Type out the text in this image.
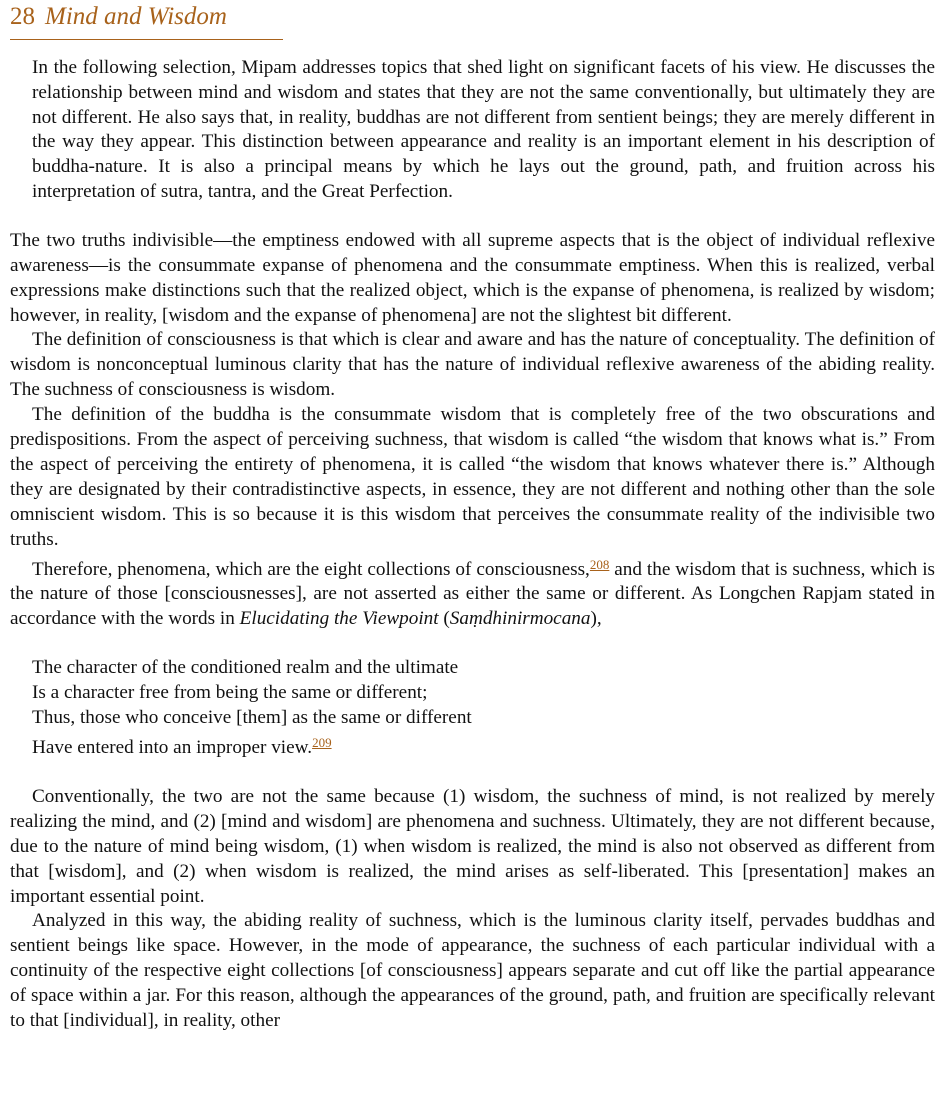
28 Mind and Wisdom
In the following selection, Mipam addresses topics that shed light on significant facets of his view. He discusses the relationship between mind and wisdom and states that they are not the same conventionally, but ultimately they are not different. He also says that, in reality, buddhas are not different from sentient beings; they are merely different in the way they appear. This distinction between appearance and reality is an important element in his description of buddha-nature. It is also a principal means by which he lays out the ground, path, and fruition across his interpretation of sutra, tantra, and the Great Perfection.

The two truths indivisible—the emptiness endowed with all supreme aspects that is the object of individual reflexive awareness—is the consummate expanse of phenomena and the consummate emptiness. When this is realized, verbal expressions make distinctions such that the realized object, which is the expanse of phenomena, is realized by wisdom; however, in reality, [wisdom and the expanse of phenomena] are not the slightest bit different.

The definition of consciousness is that which is clear and aware and has the nature of conceptuality. The definition of wisdom is nonconceptual luminous clarity that has the nature of individual reflexive awareness of the abiding reality. The suchness of consciousness is wisdom.

The definition of the buddha is the consummate wisdom that is completely free of the two obscurations and predispositions. From the aspect of perceiving suchness, that wisdom is called “the wisdom that knows what is.” From the aspect of perceiving the entirety of phenomena, it is called “the wisdom that knows whatever there is.” Although they are designated by their contradistinctive aspects, in essence, they are not different and nothing other than the sole omniscient wisdom. This is so because it is this wisdom that perceives the consummate reality of the indivisible two truths.

Therefore, phenomena, which are the eight collections of consciousness,$^{208}$ and the wisdom that is suchness, which is the nature of those [consciousnesses], are not asserted as either the same or different. As Longchen Rapjam stated in accordance with the words in Elucidating the Viewpoint (Saṃdhinirmocana),

The character of the conditioned realm and the ultimate
Is a character free from being the same or different;
Thus, those who conceive [them] as the same or different
Have entered into an improper view.$^{209}$

Conventionally, the two are not the same because (1) wisdom, the suchness of mind, is not realized by merely realizing the mind, and (2) [mind and wisdom] are phenomena and suchness. Ultimately, they are not different because, due to the nature of mind being wisdom, (1) when wisdom is realized, the mind is also not observed as different from that [wisdom], and (2) when wisdom is realized, the mind arises as self-liberated. This [presentation] makes an important essential point.

Analyzed in this way, the abiding reality of suchness, which is the luminous clarity itself, pervades buddhas and sentient beings like space. However, in the mode of appearance, the suchness of each particular individual with a continuity of the respective eight collections [of consciousness] appears separate and cut off like the partial appearance of space within a jar. For this reason, although the appearances of the ground, path, and fruition are specifically relevant to that [individual], in reality, other
